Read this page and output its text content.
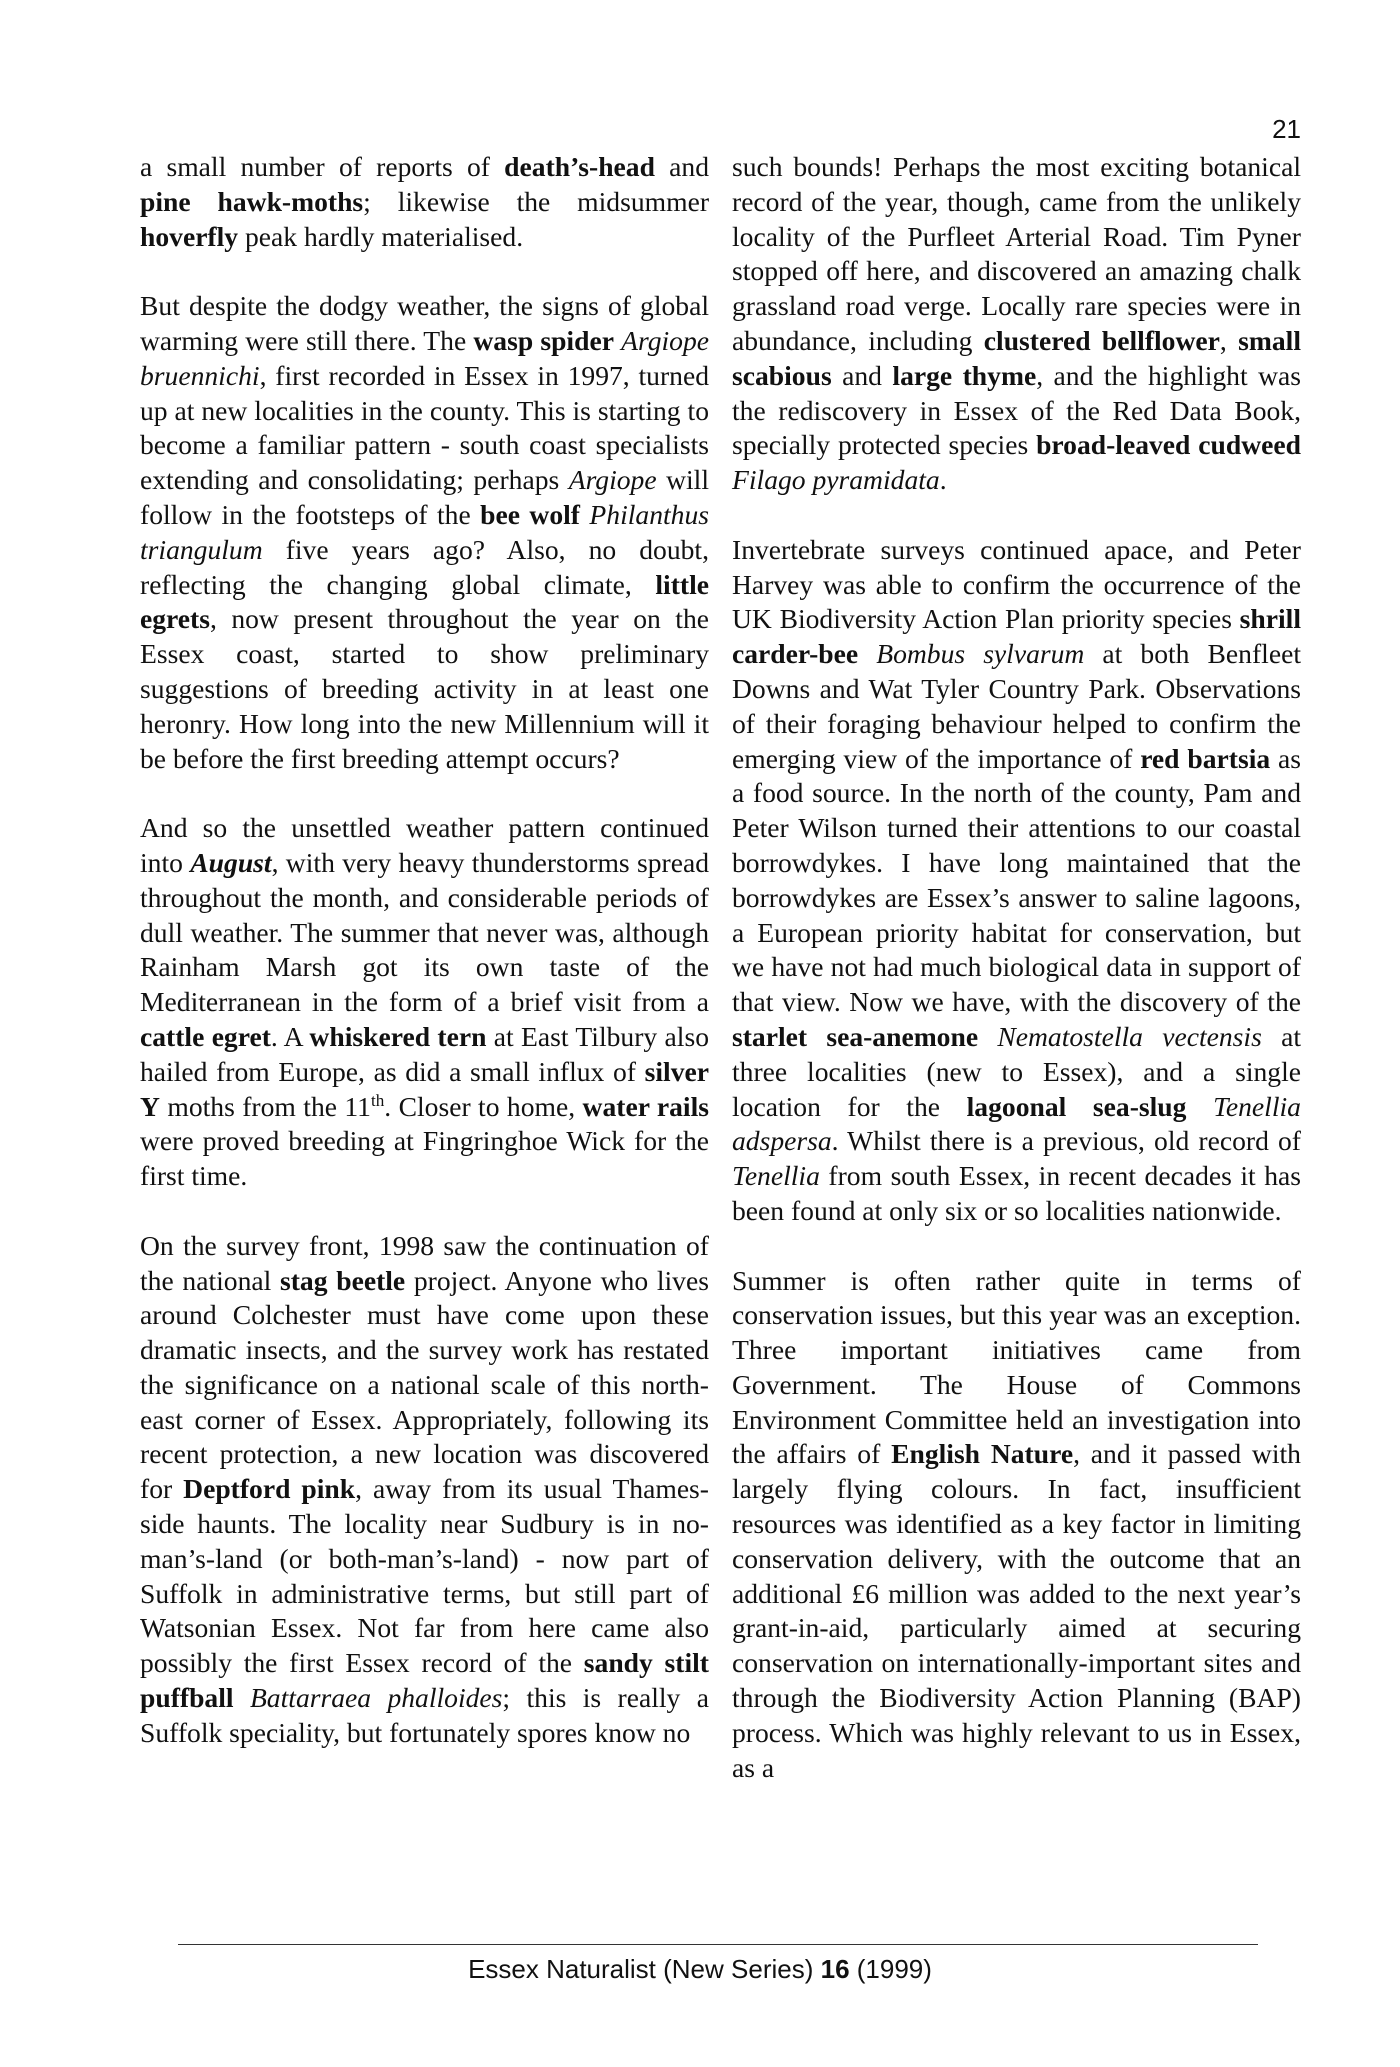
21

a small number of reports of death’s-head and pine hawk-moths; likewise the midsummer hoverfly peak hardly materialised.

But despite the dodgy weather, the signs of global warming were still there. The wasp spider Argiope bruennichi, first recorded in Essex in 1997, turned up at new localities in the county. This is starting to become a familiar pattern - south coast specialists extending and consolidating; perhaps Argiope will follow in the footsteps of the bee wolf Philanthus triangulum five years ago? Also, no doubt, reflecting the changing global climate, little egrets, now present throughout the year on the Essex coast, started to show preliminary suggestions of breeding activity in at least one heronry. How long into the new Millennium will it be before the first breeding attempt occurs?

And so the unsettled weather pattern continued into August, with very heavy thunderstorms spread throughout the month, and considerable periods of dull weather. The summer that never was, although Rainham Marsh got its own taste of the Mediterranean in the form of a brief visit from a cattle egret. A whiskered tern at East Tilbury also hailed from Europe, as did a small influx of silver Y moths from the 11th. Closer to home, water rails were proved breeding at Fingringhoe Wick for the first time.

On the survey front, 1998 saw the continuation of the national stag beetle project. Anyone who lives around Colchester must have come upon these dramatic insects, and the survey work has restated the significance on a national scale of this north-east corner of Essex. Appropriately, following its recent protection, a new location was discovered for Deptford pink, away from its usual Thames-side haunts. The locality near Sudbury is in no-man’s-land (or both-man’s-land) - now part of Suffolk in administrative terms, but still part of Watsonian Essex. Not far from here came also possibly the first Essex record of the sandy stilt puffball Battarraea phalloides; this is really a Suffolk speciality, but fortunately spores know no

such bounds! Perhaps the most exciting botanical record of the year, though, came from the unlikely locality of the Purfleet Arterial Road. Tim Pyner stopped off here, and discovered an amazing chalk grassland road verge. Locally rare species were in abundance, including clustered bellflower, small scabious and large thyme, and the highlight was the rediscovery in Essex of the Red Data Book, specially protected species broad-leaved cudweed Filago pyramidata.

Invertebrate surveys continued apace, and Peter Harvey was able to confirm the occurrence of the UK Biodiversity Action Plan priority species shrill carder-bee Bombus sylvarum at both Benfleet Downs and Wat Tyler Country Park. Observations of their foraging behaviour helped to confirm the emerging view of the importance of red bartsia as a food source. In the north of the county, Pam and Peter Wilson turned their attentions to our coastal borrowdykes. I have long maintained that the borrowdykes are Essex’s answer to saline lagoons, a European priority habitat for conservation, but we have not had much biological data in support of that view. Now we have, with the discovery of the starlet sea-anemone Nematostella vectensis at three localities (new to Essex), and a single location for the lagoonal sea-slug Tenellia adspersa. Whilst there is a previous, old record of Tenellia from south Essex, in recent decades it has been found at only six or so localities nationwide.

Summer is often rather quite in terms of conservation issues, but this year was an exception. Three important initiatives came from Government. The House of Commons Environment Committee held an investigation into the affairs of English Nature, and it passed with largely flying colours. In fact, insufficient resources was identified as a key factor in limiting conservation delivery, with the outcome that an additional £6 million was added to the next year’s grant-in-aid, particularly aimed at securing conservation on internationally-important sites and through the Biodiversity Action Planning (BAP) process. Which was highly relevant to us in Essex, as a

Essex Naturalist (New Series) 16 (1999)
